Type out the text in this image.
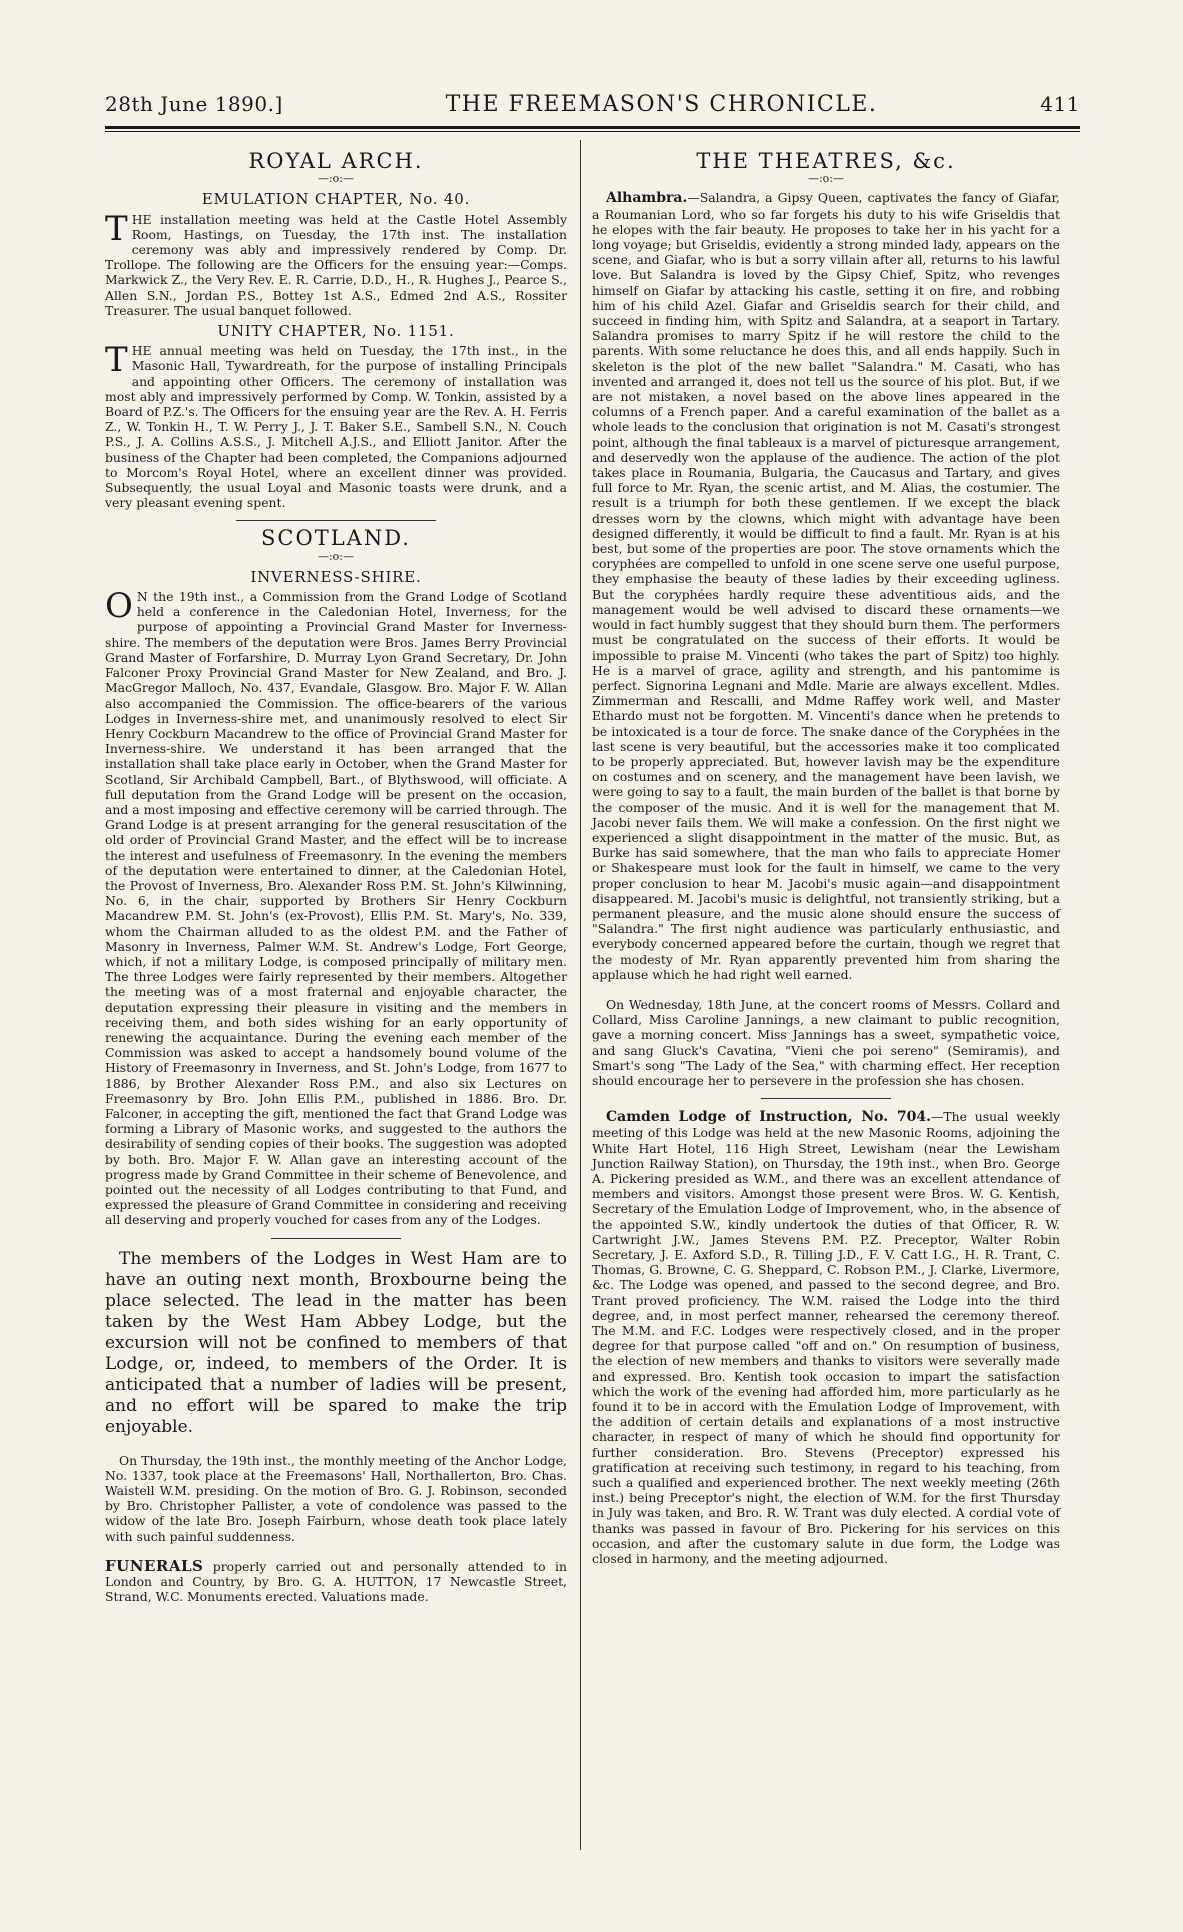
28th June 1890.]	THE FREEMASON'S CHRONICLE.	411
ROYAL ARCH.
—:o:—
EMULATION CHAPTER, No. 40.

THE installation meeting was held at the Castle Hotel Assembly Room, Hastings, on Tuesday, the 17th inst. The installation ceremony was ably and impressively rendered by Comp. Dr. Trollope. The following are the Officers for the ensuing year:—Comps. Markwick Z., the Very Rev. E. R. Carrie, D.D., H., R. Hughes J., Pearce S., Allen S.N., Jordan P.S., Bottey 1st A.S., Edmed 2nd A.S., Rossiter Treasurer. The usual banquet followed.

UNITY CHAPTER, No. 1151.

THE annual meeting was held on Tuesday, the 17th inst., in the Masonic Hall, Tywardreath, for the purpose of installing Principals and appointing other Officers. The ceremony of installation was most ably and impressively performed by Comp. W. Tonkin, assisted by a Board of P.Z.'s. The Officers for the ensuing year are the Rev. A. H. Ferris Z., W. Tonkin H., T. W. Perry J., J. T. Baker S.E., Sambell S.N., N. Couch P.S., J. A. Collins A.S.S., J. Mitchell A.J.S., and Elliott Janitor. After the business of the Chapter had been completed, the Companions adjourned to Morcom's Royal Hotel, where an excellent dinner was provided. Subsequently, the usual Loyal and Masonic toasts were drunk, and a very pleasant evening spent.

SCOTLAND.
—:o:—
INVERNESS-SHIRE.

O N the 19th inst., a Commission from the Grand Lodge of Scotland held a conference in the Caledonian Hotel, Inverness, for the purpose of appointing a Provincial Grand Master for Inverness-shire. The members of the deputation were Bros. James Berry Provincial Grand Master of Forfarshire, D. Murray Lyon Grand Secretary, Dr. John Falconer Proxy Provincial Grand Master for New Zealand, and Bro. J. MacGregor Malloch, No. 437, Evandale, Glasgow. Bro. Major F. W. Allan also accompanied the Commission. The office-bearers of the various Lodges in Inverness-shire met, and unanimously resolved to elect Sir Henry Cockburn Macandrew to the office of Provincial Grand Master for Inverness-shire. We understand it has been arranged that the installation shall take place early in October, when the Grand Master for Scotland, Sir Archibald Campbell, Bart., of Blythswood, will officiate. A full deputation from the Grand Lodge will be present on the occasion, and a most imposing and effective ceremony will be carried through. The Grand Lodge is at present arranging for the general resuscitation of the old order of Provincial Grand Master, and the effect will be to increase the interest and usefulness of Freemasonry. In the evening the members of the deputation were entertained to dinner, at the Caledonian Hotel, the Provost of Inverness, Bro. Alexander Ross P.M. St. John's Kilwinning, No. 6, in the chair, supported by Brothers Sir Henry Cockburn Macandrew P.M. St. John's (ex-Provost), Ellis P.M. St. Mary's, No. 339, whom the Chairman alluded to as the oldest P.M. and the Father of Masonry in Inverness, Palmer W.M. St. Andrew's Lodge, Fort George, which, if not a military Lodge, is composed principally of military men. The three Lodges were fairly represented by their members. Altogether the meeting was of a most fraternal and enjoyable character, the deputation expressing their pleasure in visiting and the members in receiving them, and both sides wishing for an early opportunity of renewing the acquaintance. During the evening each member of the Commission was asked to accept a handsomely bound volume of the History of Freemasonry in Inverness, and St. John's Lodge, from 1677 to 1886, by Brother Alexander Ross P.M., and also six Lectures on Freemasonry by Bro. John Ellis P.M., published in 1886. Bro. Dr. Falconer, in accepting the gift, mentioned the fact that Grand Lodge was forming a Library of Masonic works, and suggested to the authors the desirability of sending copies of their books. The suggestion was adopted by both. Bro. Major F. W. Allan gave an interesting account of the progress made by Grand Committee in their scheme of Benevolence, and pointed out the necessity of all Lodges contributing to that Fund, and expressed the pleasure of Grand Committee in considering and receiving all deserving and properly vouched for cases from any of the Lodges.

The members of the Lodges in West Ham are to have an outing next month, Broxbourne being the place selected. The lead in the matter has been taken by the West Ham Abbey Lodge, but the excursion will not be confined to members of that Lodge, or, indeed, to members of the Order. It is anticipated that a number of ladies will be present, and no effort will be spared to make the trip enjoyable.

On Thursday, the 19th inst., the monthly meeting of the Anchor Lodge, No. 1337, took place at the Freemasons' Hall, Northallerton, Bro. Chas. Waistell W.M. presiding. On the motion of Bro. G. J. Robinson, seconded by Bro. Christopher Pallister, a vote of condolence was passed to the widow of the late Bro. Joseph Fairburn, whose death took place lately with such painful suddenness.

FUNERALS properly carried out and personally attended to in London and Country, by Bro. G. A. HUTTON, 17 Newcastle Street, Strand, W.C. Monuments erected. Valuations made.

THE THEATRES, &c.
—:o:—

Alhambra.—Salandra, a Gipsy Queen, captivates the fancy of Giafar, a Roumanian Lord, who so far forgets his duty to his wife Griseldis that he elopes with the fair beauty. He proposes to take her in his yacht for a long voyage; but Griseldis, evidently a strong minded lady, appears on the scene, and Giafar, who is but a sorry villain after all, returns to his lawful love. But Salandra is loved by the Gipsy Chief, Spitz, who revenges himself on Giafar by attacking his castle, setting it on fire, and robbing him of his child Azel. Giafar and Griseldis search for their child, and succeed in finding him, with Spitz and Salandra, at a seaport in Tartary. Salandra promises to marry Spitz if he will restore the child to the parents. With some reluctance he does this, and all ends happily. Such in skeleton is the plot of the new ballet "Salandra." M. Casati, who has invented and arranged it, does not tell us the source of his plot. But, if we are not mistaken, a novel based on the above lines appeared in the columns of a French paper. And a careful examination of the ballet as a whole leads to the conclusion that origination is not M. Casati's strongest point, although the final tableaux is a marvel of picturesque arrangement, and deservedly won the applause of the audience. The action of the plot takes place in Roumania, Bulgaria, the Caucasus and Tartary, and gives full force to Mr. Ryan, the scenic artist, and M. Alias, the costumier. The result is a triumph for both these gentlemen. If we except the black dresses worn by the clowns, which might with advantage have been designed differently, it would be difficult to find a fault. Mr. Ryan is at his best, but some of the properties are poor. The stove ornaments which the coryphées are compelled to unfold in one scene serve one useful purpose, they emphasise the beauty of these ladies by their exceeding ugliness. But the coryphées hardly require these adventitious aids, and the management would be well advised to discard these ornaments—we would in fact humbly suggest that they should burn them. The performers must be congratulated on the success of their efforts. It would be impossible to praise M. Vincenti (who takes the part of Spitz) too highly. He is a marvel of grace, agility and strength, and his pantomime is perfect. Signorina Legnani and Mdle. Marie are always excellent. Mdles. Zimmerman and Rescalli, and Mdme Raffey work well, and Master Ethardo must not be forgotten. M. Vincenti's dance when he pretends to be intoxicated is a tour de force. The snake dance of the Coryphées in the last scene is very beautiful, but the accessories make it too complicated to be properly appreciated. But, however lavish may be the expenditure on costumes and on scenery, and the management have been lavish, we were going to say to a fault, the main burden of the ballet is that borne by the composer of the music. And it is well for the management that M. Jacobi never fails them. We will make a confession. On the first night we experienced a slight disappointment in the matter of the music. But, as Burke has said somewhere, that the man who fails to appreciate Homer or Shakespeare must look for the fault in himself, we came to the very proper conclusion to hear M. Jacobi's music again—and disappointment disappeared. M. Jacobi's music is delightful, not transiently striking, but a permanent pleasure, and the music alone should ensure the success of "Salandra." The first night audience was particularly enthusiastic, and everybody concerned appeared before the curtain, though we regret that the modesty of Mr. Ryan apparently prevented him from sharing the applause which he had right well earned.

On Wednesday, 18th June, at the concert rooms of Messrs. Collard and Collard, Miss Caroline Jannings, a new claimant to public recognition, gave a morning concert. Miss Jannings has a sweet, sympathetic voice, and sang Gluck's Cavatina, "Vieni che poi sereno" (Semiramis), and Smart's song "The Lady of the Sea," with charming effect. Her reception should encourage her to persevere in the profession she has chosen.

Camden Lodge of Instruction, No. 704.—The usual weekly meeting of this Lodge was held at the new Masonic Rooms, adjoining the White Hart Hotel, 116 High Street, Lewisham (near the Lewisham Junction Railway Station), on Thursday, the 19th inst., when Bro. George A. Pickering presided as W.M., and there was an excellent attendance of members and visitors. Amongst those present were Bros. W. G. Kentish, Secretary of the Emulation Lodge of Improvement, who, in the absence of the appointed S.W., kindly undertook the duties of that Officer, R. W. Cartwright J.W., James Stevens P.M. P.Z. Preceptor, Walter Robin Secretary, J. E. Axford S.D., R. Tilling J.D., F. V. Catt I.G., H. R. Trant, C. Thomas, G. Browne, C. G. Sheppard, C. Robson P.M., J. Clarke, Livermore, &c. The Lodge was opened, and passed to the second degree, and Bro. Trant proved proficiency. The W.M. raised the Lodge into the third degree, and, in most perfect manner, rehearsed the ceremony thereof. The M.M. and F.C. Lodges were respectively closed, and in the proper degree for that purpose called "off and on." On resumption of business, the election of new members and thanks to visitors were severally made and expressed. Bro. Kentish took occasion to impart the satisfaction which the work of the evening had afforded him, more particularly as he found it to be in accord with the Emulation Lodge of Improvement, with the addition of certain details and explanations of a most instructive character, in respect of many of which he should find opportunity for further consideration. Bro. Stevens (Preceptor) expressed his gratification at receiving such testimony, in regard to his teaching, from such a qualified and experienced brother. The next weekly meeting (26th inst.) being Preceptor's night, the election of W.M. for the first Thursday in July was taken, and Bro. R. W. Trant was duly elected. A cordial vote of thanks was passed in favour of Bro. Pickering for his services on this occasion, and after the customary salute in due form, the Lodge was closed in harmony, and the meeting adjourned.
